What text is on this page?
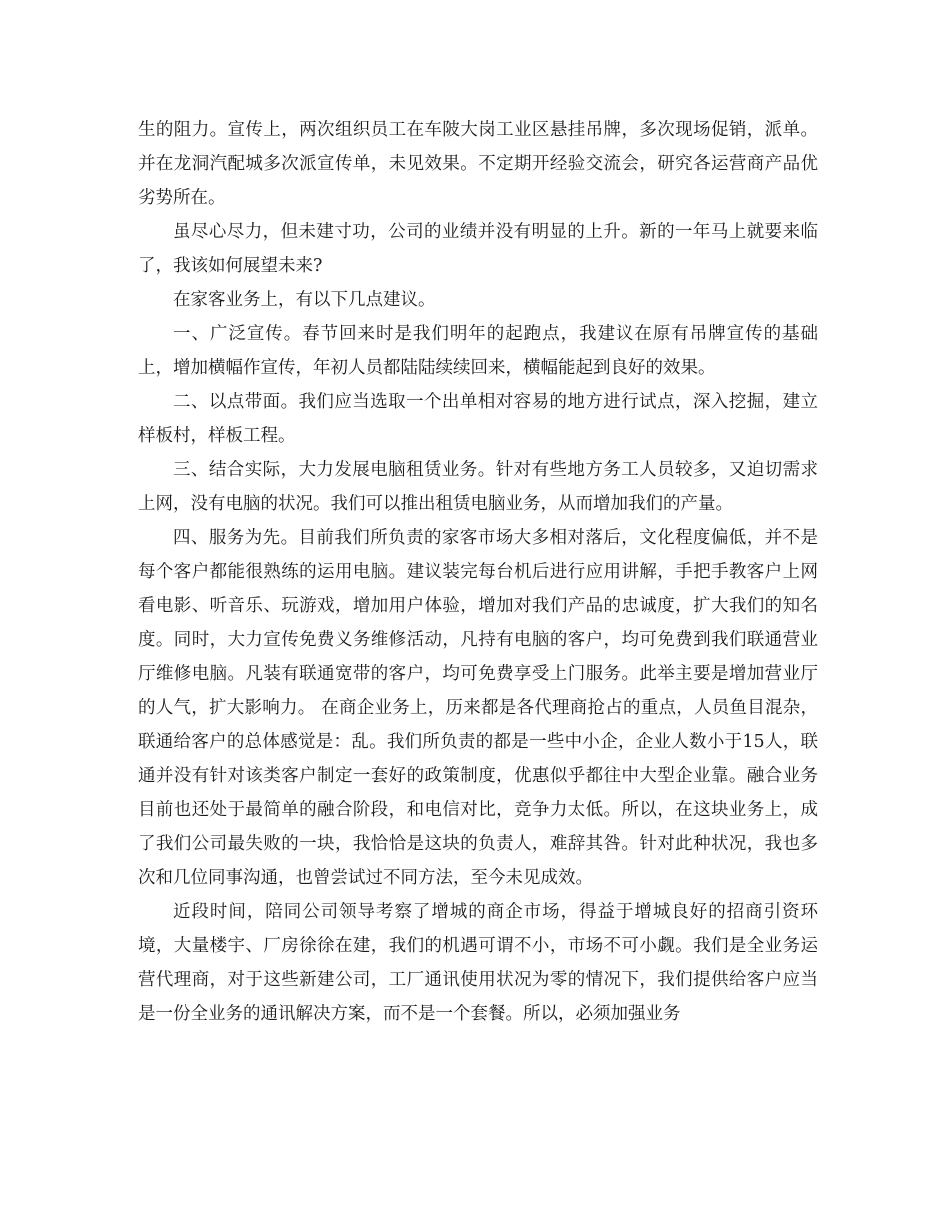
生的阻力。宣传上，两次组织员工在车陂大岗工业区悬挂吊牌，多次现场促销，派单。并在龙洞汽配城多次派宣传单，未见效果。不定期开经验交流会，研究各运营商产品优劣势所在。

虽尽心尽力，但未建寸功，公司的业绩并没有明显的上升。新的一年马上就要来临了，我该如何展望未来?

在家客业务上，有以下几点建议。

一、广泛宣传。春节回来时是我们明年的起跑点，我建议在原有吊牌宣传的基础上，增加横幅作宣传，年初人员都陆陆续续回来，横幅能起到良好的效果。

二、以点带面。我们应当选取一个出单相对容易的地方进行试点，深入挖掘，建立样板村，样板工程。

三、结合实际，大力发展电脑租赁业务。针对有些地方务工人员较多，又迫切需求上网，没有电脑的状况。我们可以推出租赁电脑业务，从而增加我们的产量。

四、服务为先。目前我们所负责的家客市场大多相对落后，文化程度偏低，并不是每个客户都能很熟练的运用电脑。建议装完每台机后进行应用讲解，手把手教客户上网看电影、听音乐、玩游戏，增加用户体验，增加对我们产品的忠诚度，扩大我们的知名度。同时，大力宣传免费义务维修活动，凡持有电脑的客户，均可免费到我们联通营业厅维修电脑。凡装有联通宽带的客户，均可免费享受上门服务。此举主要是增加营业厅的人气，扩大影响力。 在商企业务上，历来都是各代理商抢占的重点，人员鱼目混杂，联通给客户的总体感觉是：乱。我们所负责的都是一些中小企，企业人数小于15人，联通并没有针对该类客户制定一套好的政策制度，优惠似乎都往中大型企业靠。融合业务目前也还处于最简单的融合阶段，和电信对比，竞争力太低。所以，在这块业务上，成了我们公司最失败的一块，我恰恰是这块的负责人，难辞其咎。针对此种状况，我也多次和几位同事沟通，也曾尝试过不同方法，至今未见成效。

近段时间，陪同公司领导考察了增城的商企市场，得益于增城良好的招商引资环境，大量楼宇、厂房徐徐在建，我们的机遇可谓不小，市场不可小觑。我们是全业务运营代理商，对于这些新建公司，工厂通讯使用状况为零的情况下，我们提供给客户应当是一份全业务的通讯解决方案，而不是一个套餐。所以，必须加强业务
